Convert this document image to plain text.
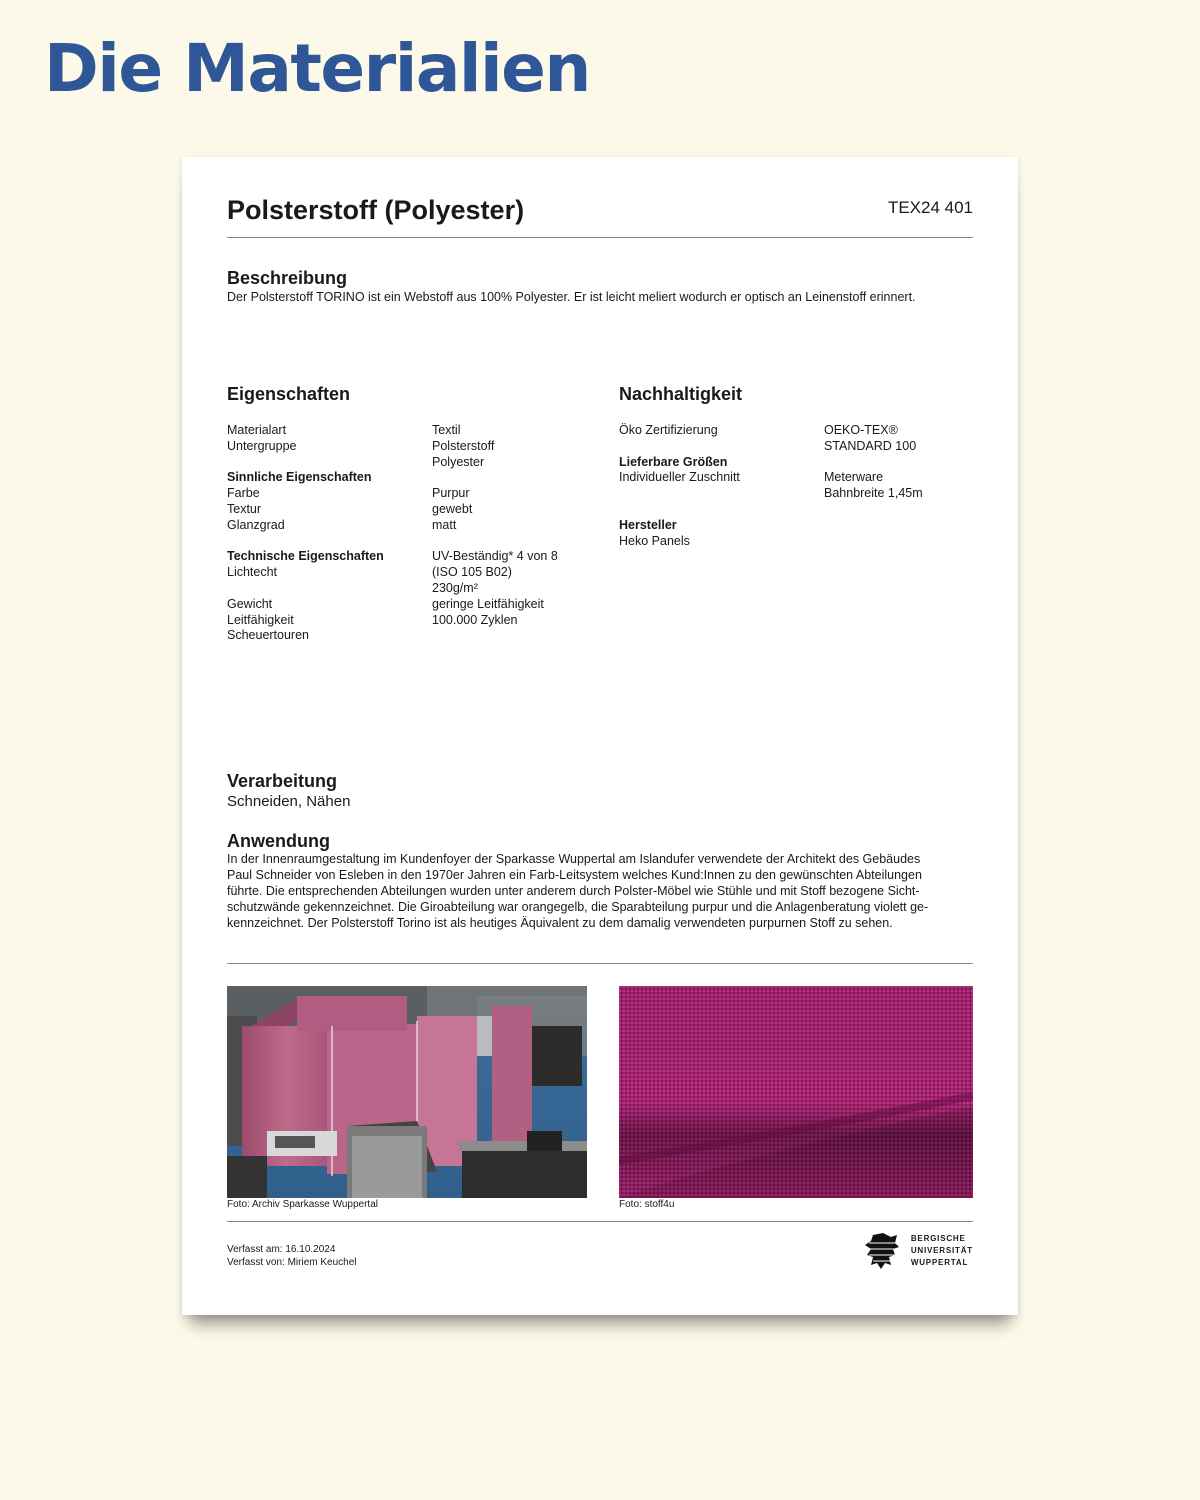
Die Materialien
Polsterstoff (Polyester)	TEX24 401
Beschreibung

Der Polsterstoff TORINO ist ein Webstoff aus 100% Polyester. Er ist leicht meliert wodurch er optisch an Leinenstoff erinnert.

Eigenschaften
Materialart
Untergruppe
Sinnliche Eigenschaften
Farbe
Textur
Glanzgrad
Technische Eigenschaften
Lichtecht
Gewicht
Leitfähigkeit
Scheuertouren
Textil
Polsterstoff
Polyester
Purpur
gewebt
matt
UV-Beständig* 4 von 8
(ISO 105 B02)
230g/m²
geringe Leitfähigkeit
100.000 Zyklen
Nachhaltigkeit
Öko Zertifizierung
Lieferbare Größen
Individueller Zuschnitt
Hersteller
Heko Panels
OEKO-TEX®
STANDARD 100
Meterware
Bahnbreite 1,45m
Verarbeitung

Schneiden, Nähen

Anwendung
In der Innenraumgestaltung im Kundenfoyer der Sparkasse Wuppertal am Islandufer verwendete der Architekt des Gebäudes
Paul Schneider von Esleben in den 1970er Jahren ein Farb-Leitsystem welches Kund:Innen zu den gewünschten Abteilungen
führte. Die entsprechenden Abteilungen wurden unter anderem durch Polster-Möbel wie Stühle und mit Stoff bezogene Sicht-
schutzwände gekennzeichnet. Die Giroabteilung war orangegelb, die Sparabteilung purpur und die Anlagenberatung violett ge-
kennzeichnet. Der Polsterstoff Torino ist als heutiges Äquivalent zu dem damalig verwendeten purpurnen Stoff zu sehen.
Foto: Archiv Sparkasse Wuppertal	Foto: stoff4u
Verfasst am: 16.10.2024
Verfasst von: Miriem Keuchel
BERGISCHE
UNIVERSITÄT
WUPPERTAL
